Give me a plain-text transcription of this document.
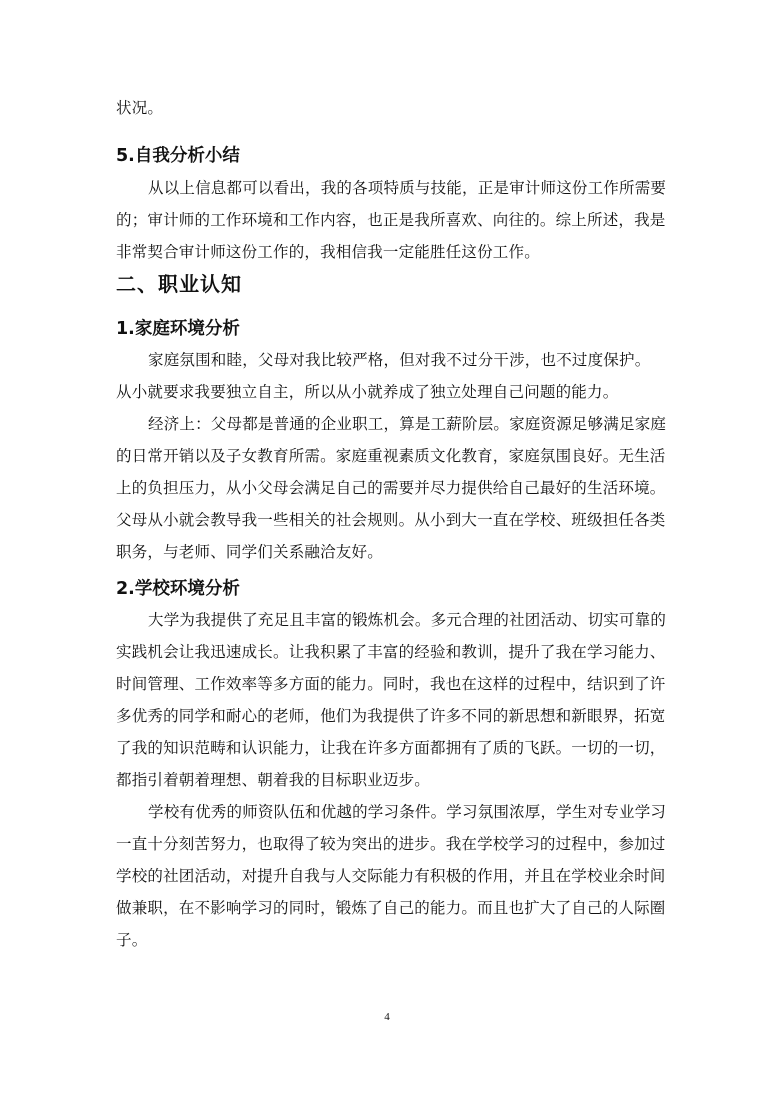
状况。
5.自我分析小结
从以上信息都可以看出，我的各项特质与技能，正是审计师这份工作所需要
的；审计师的工作环境和工作内容，也正是我所喜欢、向往的。综上所述，我是
非常契合审计师这份工作的，我相信我一定能胜任这份工作。
二、职业认知
1.家庭环境分析
家庭氛围和睦，父母对我比较严格，但对我不过分干涉，也不过度保护。
从小就要求我要独立自主，所以从小就养成了独立处理自己问题的能力。
经济上：父母都是普通的企业职工，算是工薪阶层。家庭资源足够满足家庭
的日常开销以及子女教育所需。家庭重视素质文化教育，家庭氛围良好。无生活
上的负担压力，从小父母会满足自己的需要并尽力提供给自己最好的生活环境。
父母从小就会教导我一些相关的社会规则。从小到大一直在学校、班级担任各类
职务，与老师、同学们关系融洽友好。
2.学校环境分析
大学为我提供了充足且丰富的锻炼机会。多元合理的社团活动、切实可靠的
实践机会让我迅速成长。让我积累了丰富的经验和教训，提升了我在学习能力、
时间管理、工作效率等多方面的能力。同时，我也在这样的过程中，结识到了许
多优秀的同学和耐心的老师，他们为我提供了许多不同的新思想和新眼界，拓宽
了我的知识范畴和认识能力，让我在许多方面都拥有了质的飞跃。一切的一切，
都指引着朝着理想、朝着我的目标职业迈步。
学校有优秀的师资队伍和优越的学习条件。学习氛围浓厚，学生对专业学习
一直十分刻苦努力，也取得了较为突出的进步。我在学校学习的过程中，参加过
学校的社团活动，对提升自我与人交际能力有积极的作用，并且在学校业余时间
做兼职，在不影响学习的同时，锻炼了自己的能力。而且也扩大了自己的人际圈
子。
4
